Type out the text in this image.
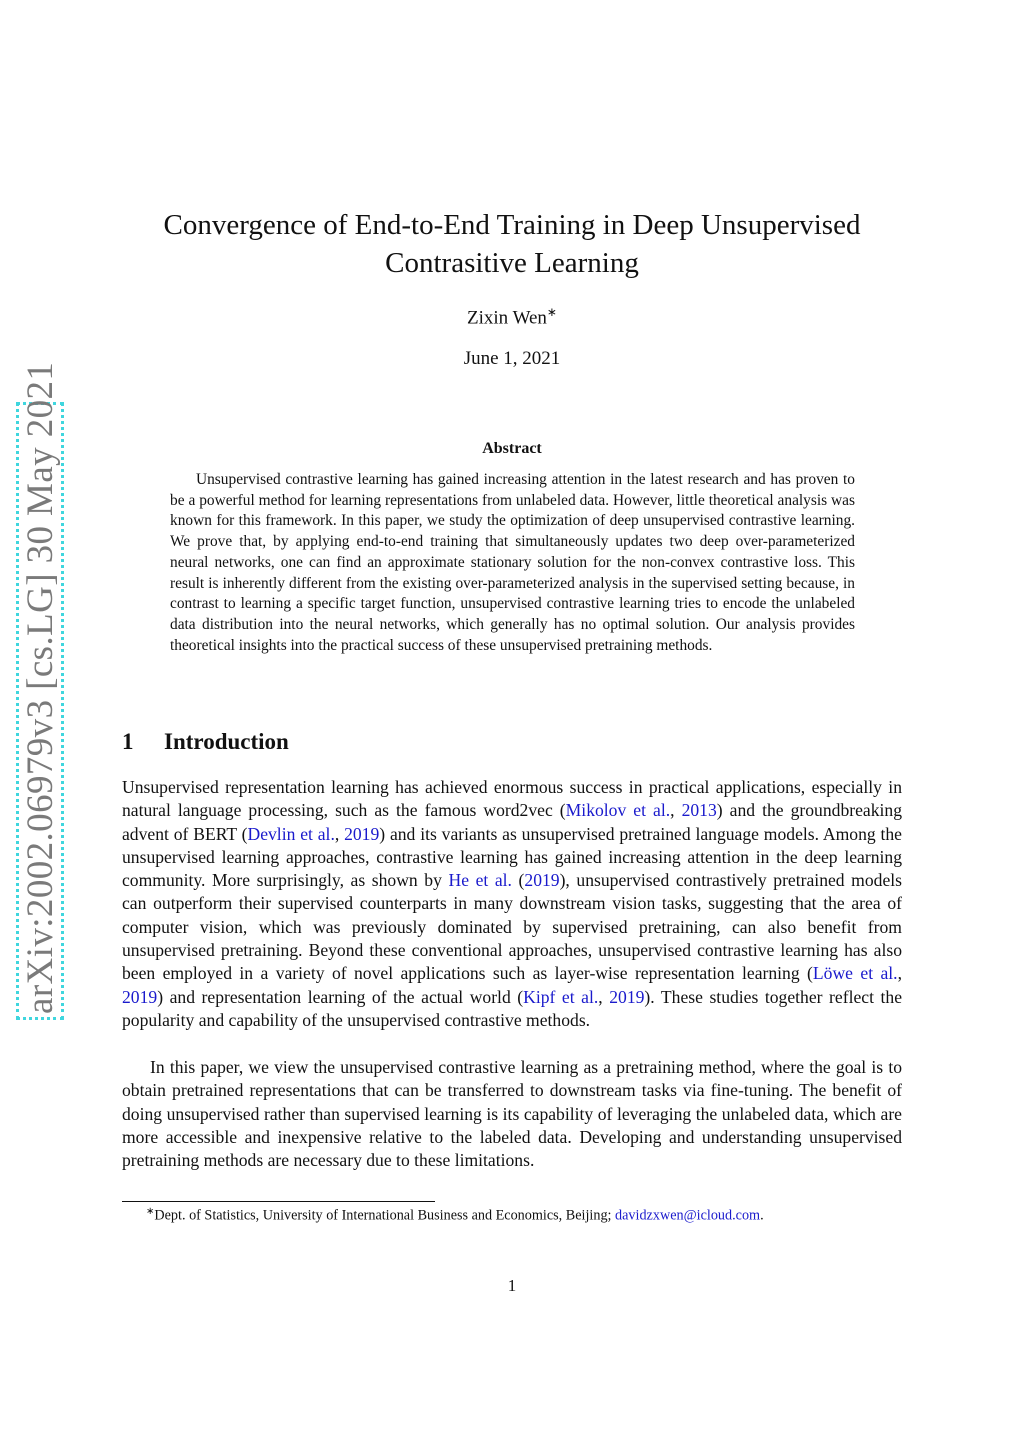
arXiv:2002.06979v3 [cs.LG] 30 May 2021
Convergence of End-to-End Training in Deep Unsupervised
Contrasitive Learning
Zixin Wen∗
June 1, 2021
Abstract
Unsupervised contrastive learning has gained increasing attention in the latest research and has proven to be a powerful method for learning representations from unlabeled data. However, little theoretical analysis was known for this framework. In this paper, we study the optimization of deep unsupervised contrastive learning. We prove that, by applying end-to-end training that simultaneously updates two deep over-parameterized neural networks, one can find an approximate stationary solution for the non-convex contrastive loss. This result is inherently different from the existing over-parameterized analysis in the supervised setting because, in contrast to learning a specific target function, unsupervised contrastive learning tries to encode the unlabeled data distribution into the neural networks, which generally has no optimal solution. Our analysis provides theoretical insights into the practical success of these unsupervised pretraining methods.
1 Introduction

Unsupervised representation learning has achieved enormous success in practical applications, especially in natural language processing, such as the famous word2vec (Mikolov et al., 2013) and the groundbreaking advent of BERT (Devlin et al., 2019) and its variants as unsupervised pretrained language models. Among the unsupervised learning approaches, contrastive learning has gained increasing attention in the deep learning community. More surprisingly, as shown by He et al. (2019), unsupervised contrastively pretrained models can outperform their supervised counterparts in many downstream vision tasks, suggesting that the area of computer vision, which was previously dominated by supervised pretraining, can also benefit from unsupervised pretraining. Beyond these conventional approaches, unsupervised contrastive learning has also been employed in a variety of novel applications such as layer-wise representation learning (Löwe et al., 2019) and representation learning of the actual world (Kipf et al., 2019). These studies together reflect the popularity and capability of the unsupervised contrastive methods.

In this paper, we view the unsupervised contrastive learning as a pretraining method, where the goal is to obtain pretrained representations that can be transferred to downstream tasks via fine-tuning. The benefit of doing unsupervised rather than supervised learning is its capability of leveraging the unlabeled data, which are more accessible and inexpensive relative to the labeled data. Developing and understanding unsupervised pretraining methods are necessary due to these limitations.

∗Dept. of Statistics, University of International Business and Economics, Beijing; davidzxwen@icloud.com.
1
